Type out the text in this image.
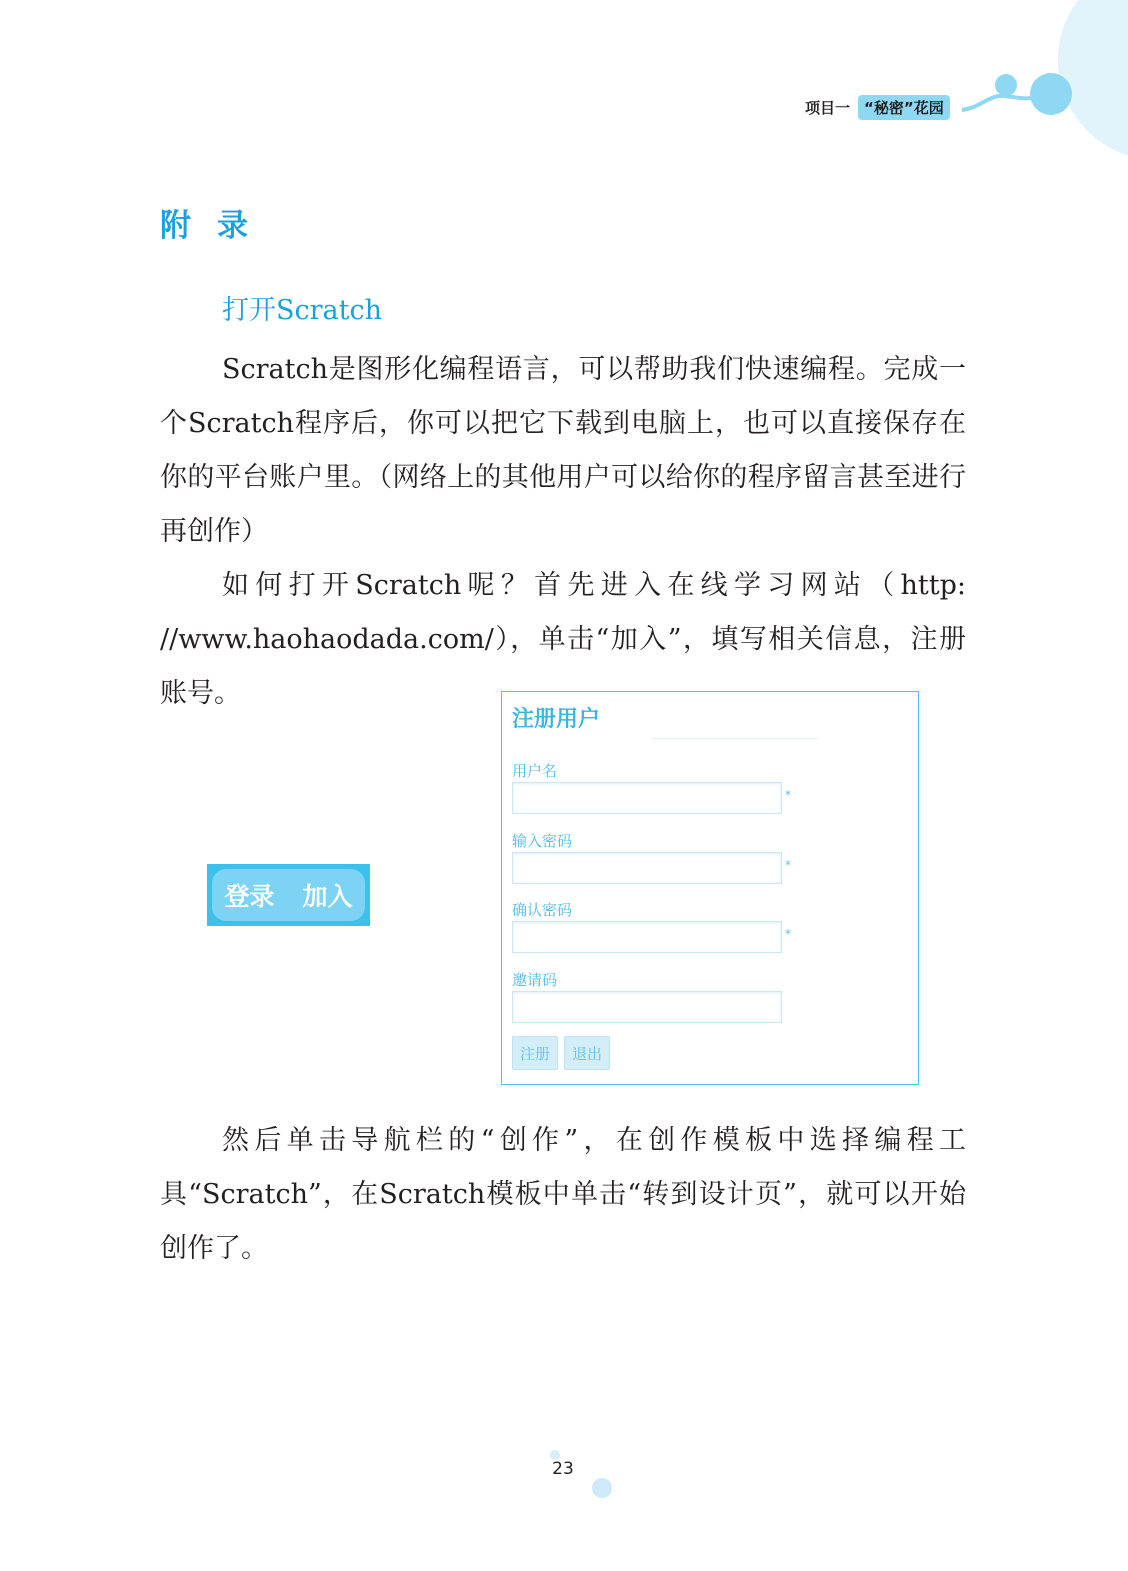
项目一 “秘密”花园
附录
打开Scratch

Scratch是图形化编程语言，可以帮助我们快速编程。完成一个Scratch程序后，你可以把它下载到电脑上，也可以直接保存在你的平台账户里。（网络上的其他用户可以给你的程序留言甚至进行再创作）

如何打开Scratch呢？首先进入在线学习网站（http: //www.haohaodada.com/），单击“加入”，填写相关信息，注册账号。

登录 加入
注册用户
用户名
*
输入密码
*
确认密码
*
邀请码
注册	退出

然后单击导航栏的“创作”，在创作模板中选择编程工具“Scratch”，在Scratch模板中单击“转到设计页”，就可以开始创作了。

23
